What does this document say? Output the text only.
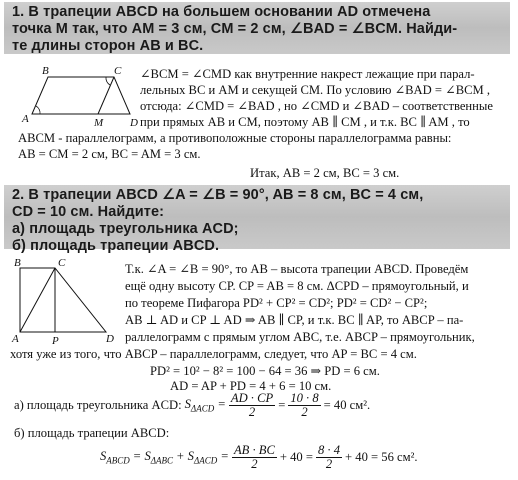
1. В трапеции ABCD на большем основании AD отмечена
точка M так, что AM = 3 см, CM = 2 см, ∠BAD = ∠BCM. Найди-
те длины сторон AB и BC.
B	C
A	M D
∠BCM = ∠CMD как внутренние накрест лежащие при парал-
лельных BC и AM и секущей CM. По условию ∠BAD = ∠BCM ,
отсюда: ∠CMD = ∠BAD , но ∠CMD и ∠BAD – соответственные
при прямых AB и CM, поэтому AB ∥ CM , и т.к. BC ∥ AM , то
ABCM - параллелограмм, а противоположные стороны параллелограмма равны:
AB = CM = 2 см, BC = AM = 3 см.
Итак, AB = 2 см, BC = 3 см.
2. В трапеции ABCD ∠A = ∠B = 90°, AB = 8 см, BC = 4 см,
CD = 10 см. Найдите:
а) площадь треугольника ACD;
б) площадь трапеции ABCD.
B	C
A	P	D
Т.к. ∠A = ∠B = 90°, то AB – высота трапеции ABCD. Проведём
ещё одну высоту CP. CP = AB = 8 см. ΔCPD – прямоугольный, и
по теореме Пифагора PD² + CP² = CD²; PD² = CD² − CP²;
AB ⊥ AD и CP ⊥ AD ⇒ AB ∥ CP, и т.к. BC ∥ AP, то ABCP – па-
раллелограмм с прямым углом ABC, т.е. ABCP – прямоугольник,
хотя уже из того, что ABCP – параллелограмм, следует, что AP = BC = 4 см.
PD² = 10² − 8² = 100 − 64 = 36 ⇒ PD = 6 см.
AD = AP + PD = 4 + 6 = 10 см.
а) площадь треугольника ACD: $S_{\Delta ACD} = \frac{AD \cdot CP}{2} = \frac{10 \cdot 8}{2} = 40$ см².
б) площадь трапеции ABCD:
$S_{ABCD} = S_{\Delta ABC} + S_{\Delta ACD} = \frac{AB \cdot BC}{2} + 40 = \frac{8 \cdot 4}{2} + 40 = 56$ см².
